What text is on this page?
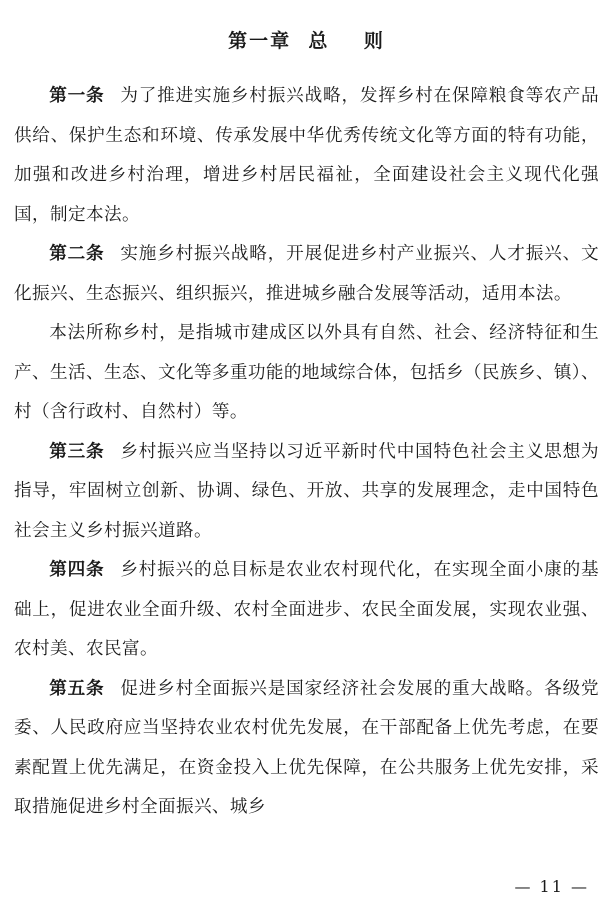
第一章  总    则

第一条 为了推进实施乡村振兴战略，发挥乡村在保障粮食等农产品供给、保护生态和环境、传承发展中华优秀传统文化等方面的特有功能，加强和改进乡村治理，增进乡村居民福祉，全面建设社会主义现代化强国，制定本法。

第二条 实施乡村振兴战略，开展促进乡村产业振兴、人才振兴、文化振兴、生态振兴、组织振兴，推进城乡融合发展等活动，适用本法。

本法所称乡村，是指城市建成区以外具有自然、社会、经济特征和生产、生活、生态、文化等多重功能的地域综合体，包括乡（民族乡、镇）、村（含行政村、自然村）等。

第三条 乡村振兴应当坚持以习近平新时代中国特色社会主义思想为指导，牢固树立创新、协调、绿色、开放、共享的发展理念，走中国特色社会主义乡村振兴道路。

第四条 乡村振兴的总目标是农业农村现代化，在实现全面小康的基础上，促进农业全面升级、农村全面进步、农民全面发展，实现农业强、农村美、农民富。

第五条 促进乡村全面振兴是国家经济社会发展的重大战略。各级党委、人民政府应当坚持农业农村优先发展，在干部配备上优先考虑，在要素配置上优先满足，在资金投入上优先保障，在公共服务上优先安排，采取措施促进乡村全面振兴、城乡

— 11 —
